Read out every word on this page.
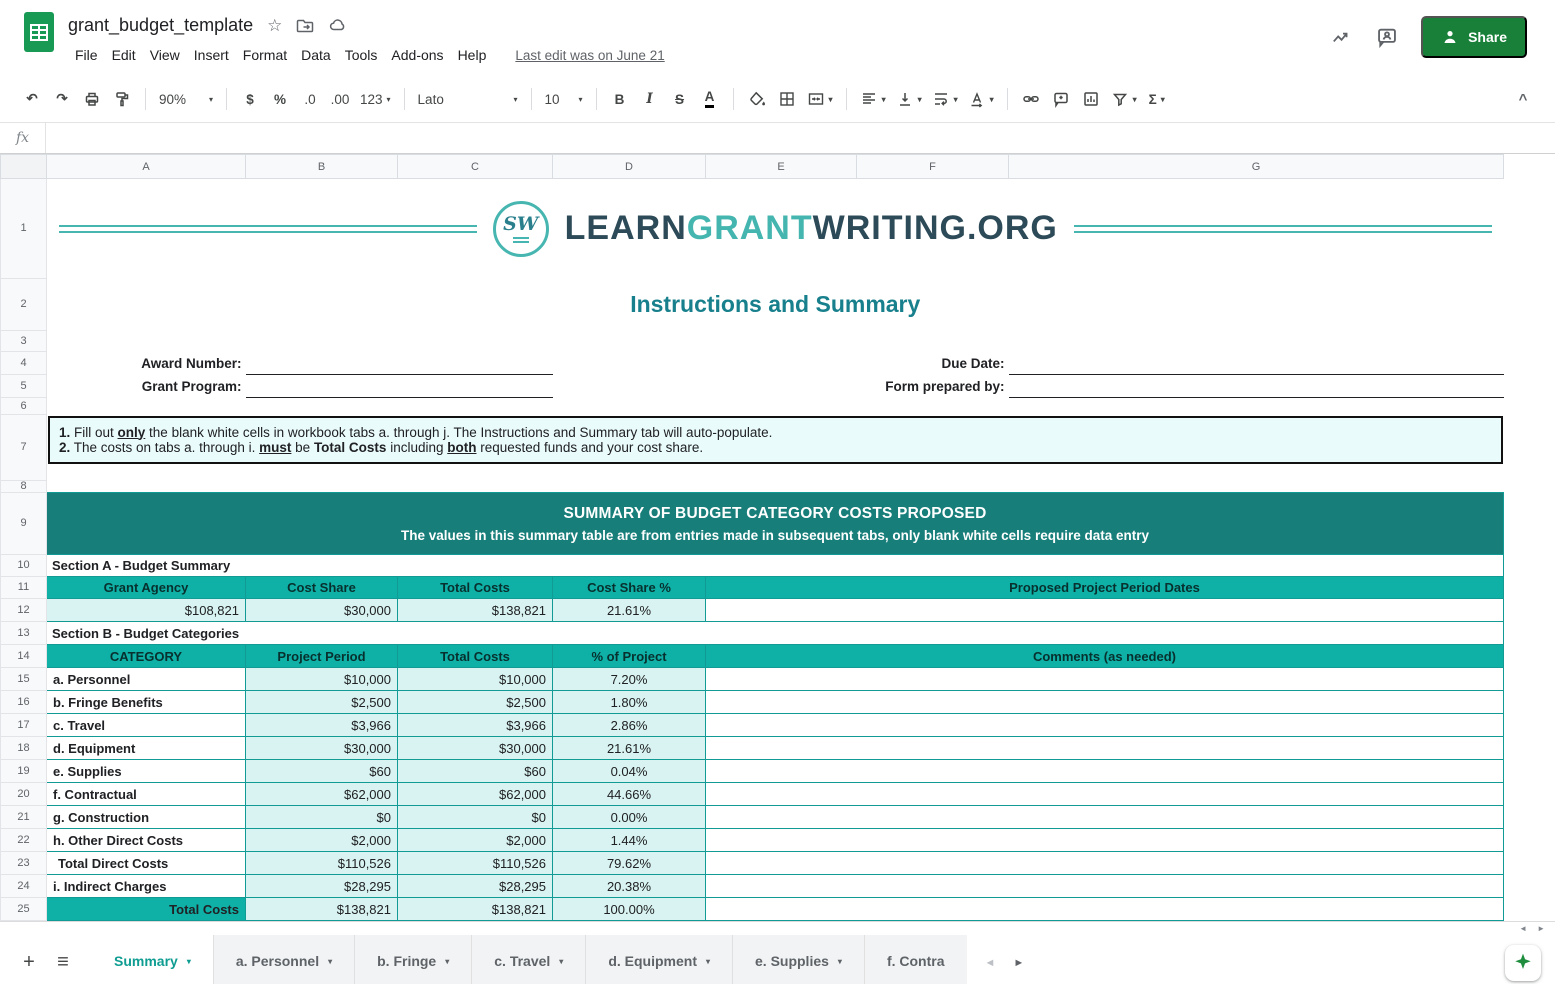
grant_budget_template ☆
File	Edit	View	Insert	Format	Data	Tools	Add-ons	Help	Last edit was on June 21
Share
↶	↷	90%	▾	$	%	.0	.00 123 ▾ Lato	▾ 10 ▾	B	I	S	A	▾	▾	▾	▾	▾	▾ Σ ▾	^
fx
	A	B	C	D	E	F	G
1	SW LEARNGRANTWRITING.ORG						

2	Instructions and Summary						
3							
4	Award Number:				Due Date:		
5	Grant Program:				Form prepared by:		
6							
7	1. Fill out only the blank white cells in workbook tabs a. through j. The Instructions and Summary tab will auto-populate.
2. The costs on tabs a. through i. must be Total Costs including both requested funds and your cost share.						

8							
9	SUMMARY OF BUDGET CATEGORY COSTS PROPOSED
The values in this summary table are from entries made in subsequent tabs, only blank white cells require data entry						

10	Section A - Budget Summary						
11	Grant Agency	Cost Share	Total Costs	Cost Share %	Proposed Project Period Dates		
12	$108,821	$30,000	$138,821	21.61%			
13	Section B - Budget Categories						
14	CATEGORY	Project Period	Total Costs	% of Project	Comments (as needed)		
15	a. Personnel	$10,000	$10,000	7.20%			
16	b. Fringe Benefits	$2,500	$2,500	1.80%			
17	c. Travel	$3,966	$3,966	2.86%			
18	d. Equipment	$30,000	$30,000	21.61%			
19	e. Supplies	$60	$60	0.04%			
20	f. Contractual	$62,000	$62,000	44.66%			
21	g. Construction	$0	$0	0.00%			
22	h. Other Direct Costs	$2,000	$2,000	1.44%			
23	Total Direct Costs	$110,526	$110,526	79.62%			
24	i. Indirect Charges	$28,295	$28,295	20.38%			
25	Total Costs	$138,821	$138,821	100.00%			
◄ ►
+	≡	Summary ▾	a. Personnel ▾	b. Fringe ▾	c. Travel ▾	d. Equipment ▾	e. Supplies ▾	f. Contra	◄ ►
